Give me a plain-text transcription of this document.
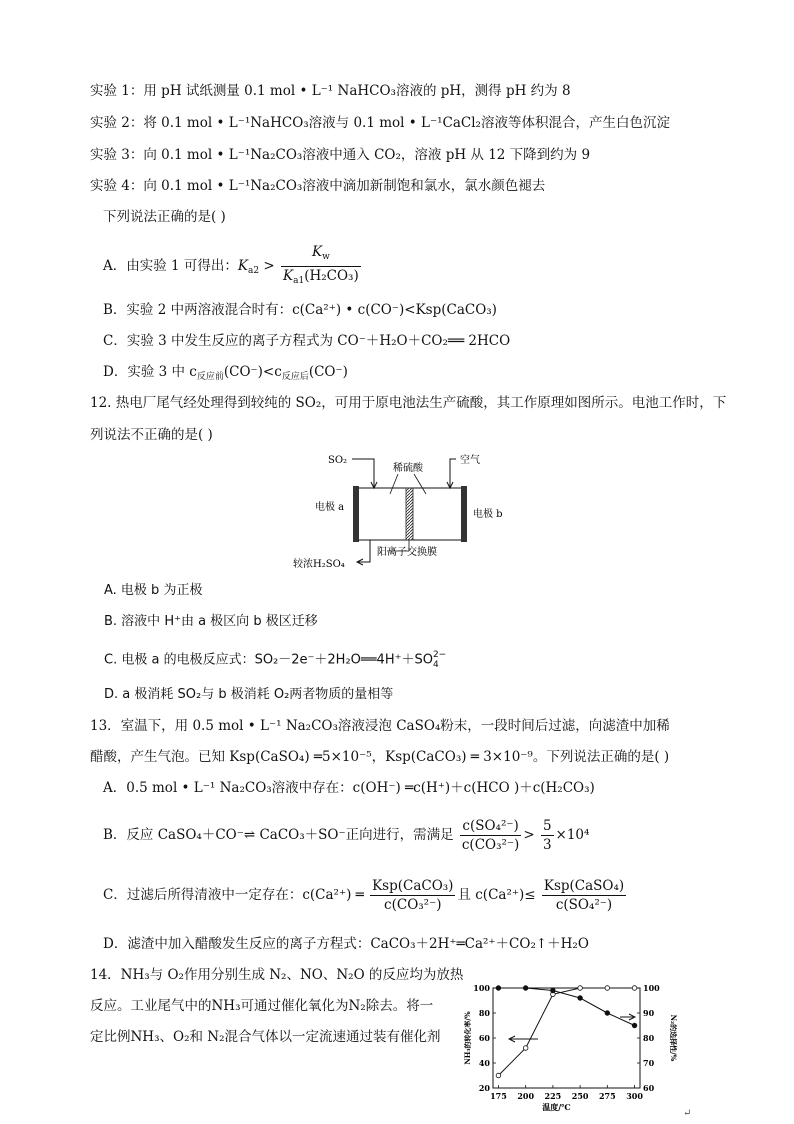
实验 1：用 pH 试纸测量 0.1 mol • L⁻¹ NaHCO₃溶液的 pH，测得 pH 约为 8
实验 2：将 0.1 mol • L⁻¹NaHCO₃溶液与 0.1 mol • L⁻¹CaCl₂溶液等体积混合，产生白色沉淀
实验 3：向 0.1 mol • L⁻¹Na₂CO₃溶液中通入 CO₂，溶液 pH 从 12 下降到约为 9
实验 4：向 0.1 mol • L⁻¹Na₂CO₃溶液中滴加新制饱和氯水，氯水颜色褪去
下列说法正确的是( )
A．由实验 1 可得出：$K_{a2} > \frac{K_w}{K_{a1}(H_2CO_3)}$
B．实验 2 中两溶液混合时有：c(Ca²⁺) • c(CO⁻)<Ksp(CaCO₃)
C．实验 3 中发生反应的离子方程式为 CO⁻＋H₂O＋CO₂══ 2HCO
D．实验 3 中 $c_{反应前}(CO^-)<c_{反应后}(CO^-)$
12. 热电厂尾气经处理得到较纯的 SO₂，可用于原电池法生产硫酸，其工作原理如图所示。电池工作时，下
列说法不正确的是( )
SO₂
稀硫酸
空气
电极 a
电极 b
较浓H₂SO₄
阳离子交换膜
A. 电极 b 为正极
B. 溶液中 H⁺由 a 极区向 b 极区迁移
C. 电极 a 的电极反应式：SO₂－2e⁻＋2H₂O══4H⁺＋SO 2−
4
D. a 极消耗 SO₂与 b 极消耗 O₂两者物质的量相等
13．室温下，用 0.5 mol • L⁻¹ Na₂CO₃溶液浸泡 CaSO₄粉末，一段时间后过滤，向滤渣中加稀
醋酸，产生气泡。已知 Ksp(CaSO₄) ═5×10⁻⁵，Ksp(CaCO₃) ═ 3×10⁻⁹。下列说法正确的是( )
A．0.5 mol • L⁻¹ Na₂CO₃溶液中存在：c(OH⁻) ═c(H⁺)＋c(HCO )＋c(H₂CO₃)
B．反应 CaSO₄＋CO⁻⇌ CaCO₃＋SO⁻正向进行，需满足 $\frac{\text{c(SO₄²⁻)}}{\text{c(CO₃²⁻)}} > \frac{5}{3} \times 10^4$
C．过滤后所得清液中一定存在：c(Ca²⁺) ═ $\frac{\text{Ksp(CaCO₃)}}{\text{c(CO₃²⁻)}}$ 且 $c(Ca^{2+})\le \frac{\text{Ksp(CaSO₄)}}{\text{c(SO₄²⁻)}}$
D．滤渣中加入醋酸发生反应的离子方程式：CaCO₃＋2H⁺═Ca²⁺＋CO₂↑＋H₂O
14．NH₃与 O₂作用分别生成 N₂、NO、N₂O 的反应均为放热
反应。工业尾气中的NH₃可通过催化氧化为N₂除去。将一
定比例NH₃、O₂和 N₂混合气体以一定流速通过装有催化剂
175 200 225 250 275 300
20
40
60
80
100
60
70
80
90
100
温度/℃
NH₃的转化率/%	N₂的选择性/%
↵
